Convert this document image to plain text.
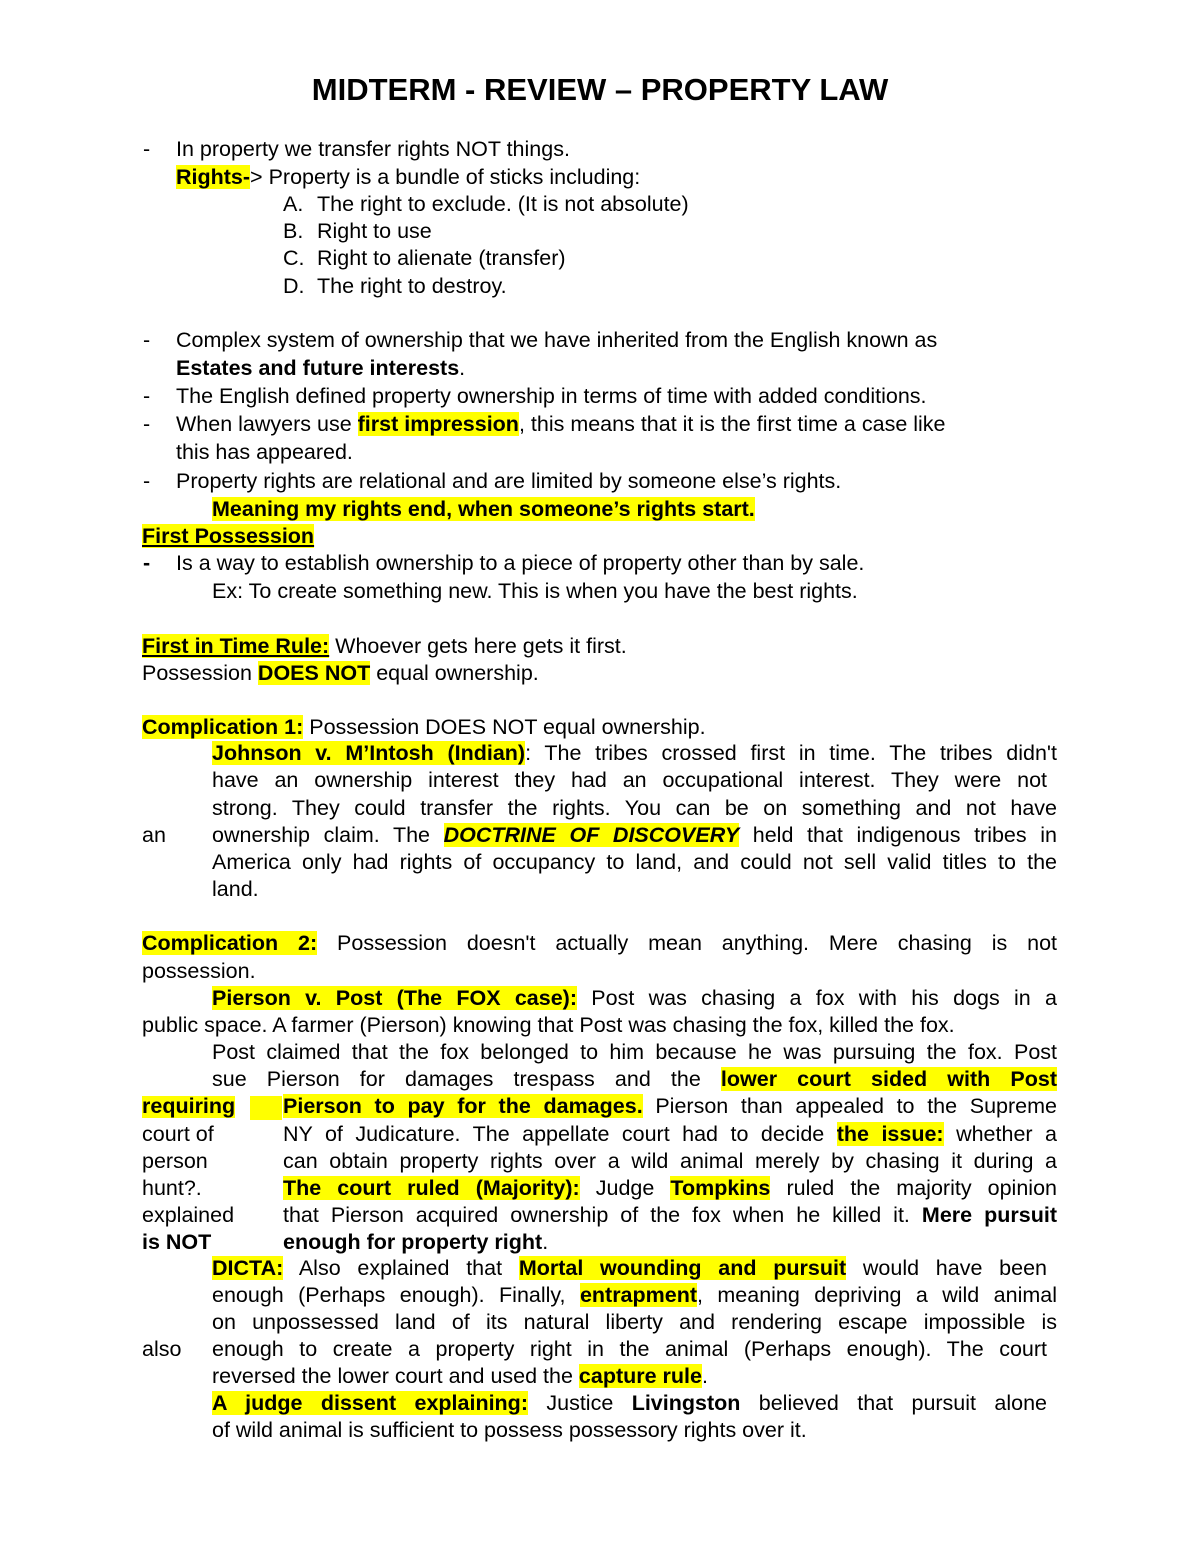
MIDTERM - REVIEW – PROPERTY LAW
- In property we transfer rights NOT things.
Rights-> Property is a bundle of sticks including:
A. The right to exclude. (It is not absolute)
B. Right to use
C. Right to alienate (transfer)
D. The right to destroy.
- Complex system of ownership that we have inherited from the English known as
Estates and future interests.
- The English defined property ownership in terms of time with added conditions.
- When lawyers use first impression, this means that it is the first time a case like
this has appeared.
- Property rights are relational and are limited by someone else’s rights.
Meaning my rights end, when someone’s rights start.
First Possession
- Is a way to establish ownership to a piece of property other than by sale.
Ex: To create something new. This is when you have the best rights.
First in Time Rule: Whoever gets here gets it first.
Possession DOES NOT equal ownership.
Complication 1: Possession DOES NOT equal ownership.
Johnson v. M’Intosh (Indian): The tribes crossed first in time. The tribes didn't
have an ownership interest they had an occupational interest. They were not
strong. They could transfer the rights. You can be on something and not have
an ownership claim. The DOCTRINE OF DISCOVERY held that indigenous tribes in
America only had rights of occupancy to land, and could not sell valid titles to the
land.
Complication 2: Possession doesn't actually mean anything. Mere chasing is not
possession.
Pierson v. Post (The FOX case): Post was chasing a fox with his dogs in a
public space. A farmer (Pierson) knowing that Post was chasing the fox, killed the fox.
Post claimed that the fox belonged to him because he was pursuing the fox. Post
sue Pierson for damages trespass and the lower court sided with Post
requiring
court of
person
hunt?.
explained
is NOT
Pierson to pay for the damages. Pierson than appealed to the Supreme
NY of Judicature. The appellate court had to decide the issue: whether a
can obtain property rights over a wild animal merely by chasing it during a
The court ruled (Majority): Judge Tompkins ruled the majority opinion
that Pierson acquired ownership of the fox when he killed it. Mere pursuit
enough for property right.
DICTA: Also explained that Mortal wounding and pursuit would have been
enough (Perhaps enough). Finally, entrapment, meaning depriving a wild animal
on unpossessed land of its natural liberty and rendering escape impossible is
also enough to create a property right in the animal (Perhaps enough). The court
reversed the lower court and used the capture rule.
A judge dissent explaining: Justice Livingston believed that pursuit alone
of wild animal is sufficient to possess possessory rights over it.
